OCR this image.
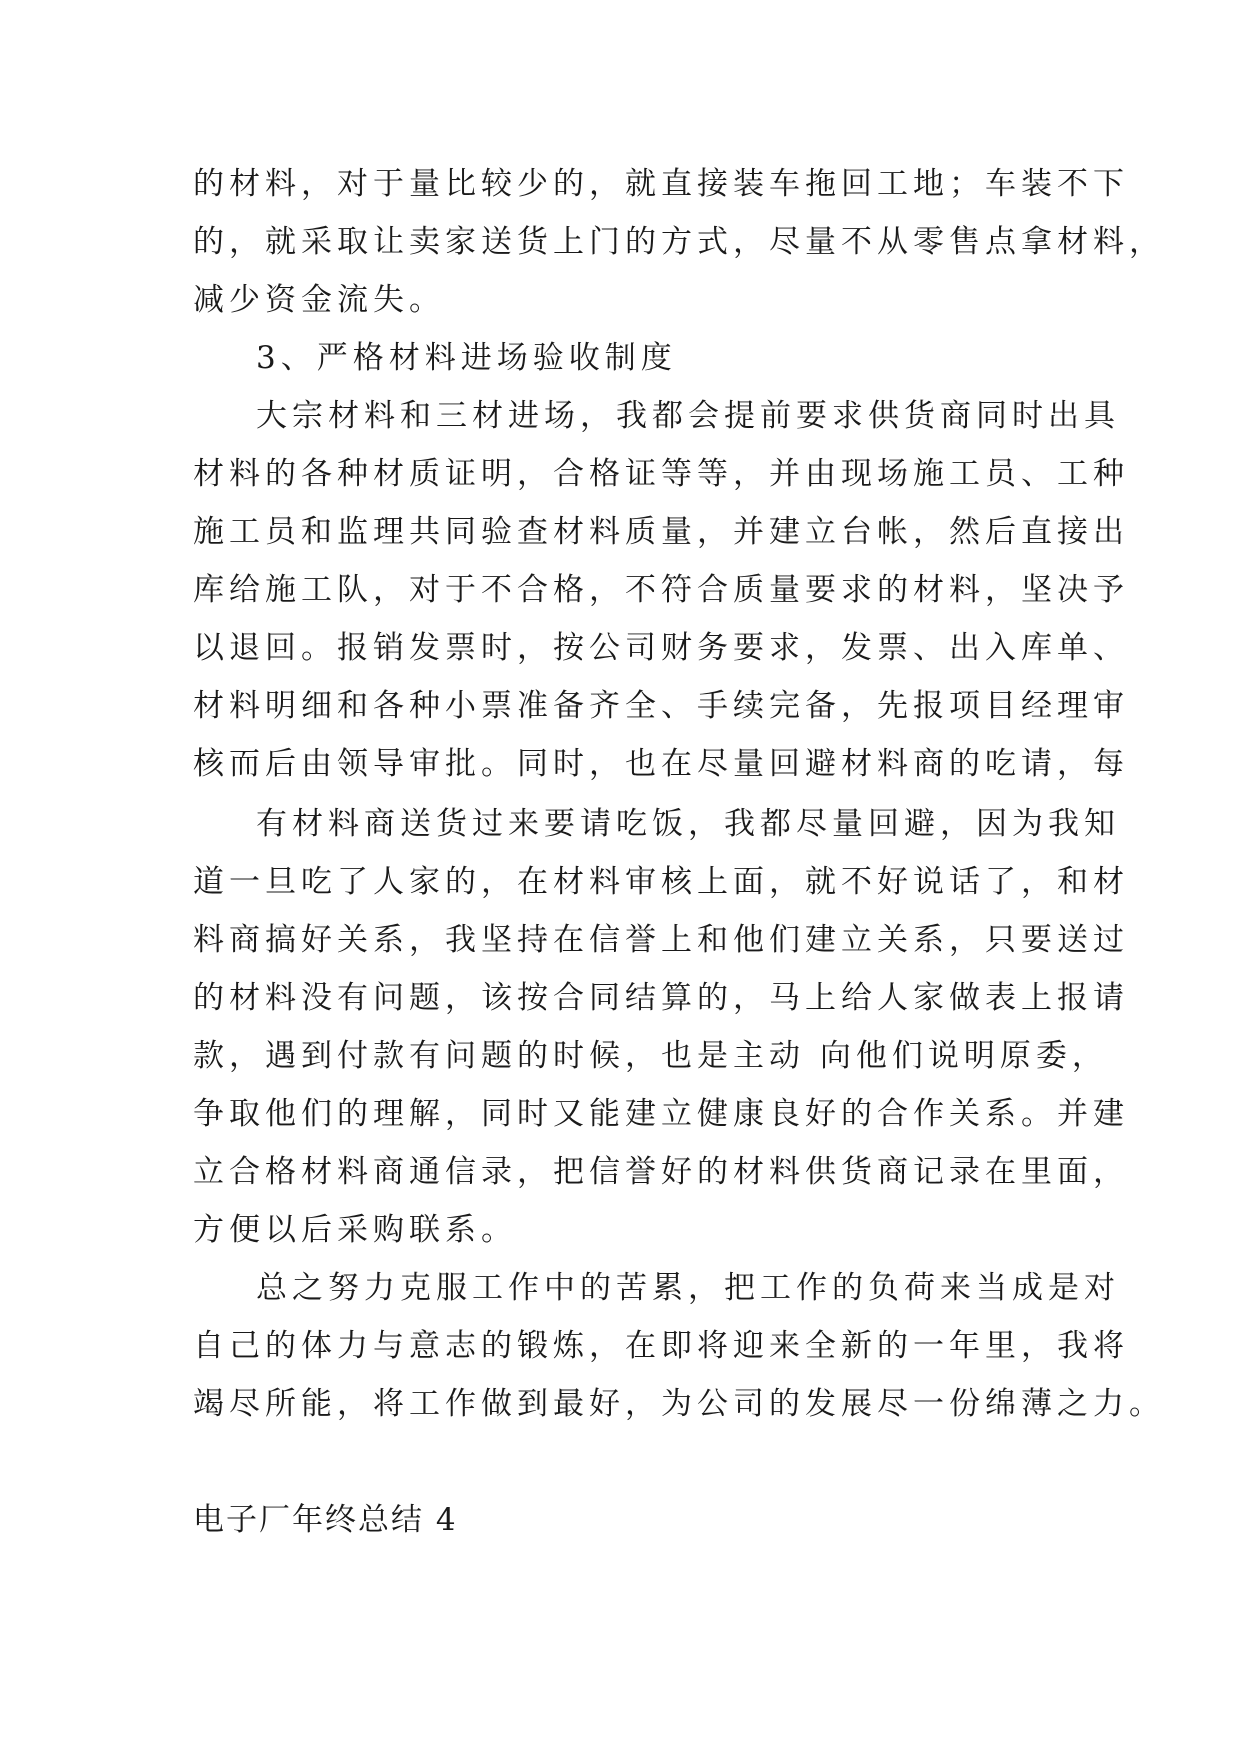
的材料，对于量比较少的，就直接装车拖回工地；车装不下
的，就采取让卖家送货上门的方式，尽量不从零售点拿材料，
减少资金流失。
3、严格材料进场验收制度
大宗材料和三材进场，我都会提前要求供货商同时出具
材料的各种材质证明，合格证等等，并由现场施工员、工种
施工员和监理共同验查材料质量，并建立台帐，然后直接出
库给施工队，对于不合格，不符合质量要求的材料，坚决予
以退回。报销发票时，按公司财务要求，发票、出入库单、
材料明细和各种小票准备齐全、手续完备，先报项目经理审
核而后由领导审批。同时，也在尽量回避材料商的吃请，每
有材料商送货过来要请吃饭，我都尽量回避，因为我知
道一旦吃了人家的，在材料审核上面，就不好说话了，和材
料商搞好关系，我坚持在信誉上和他们建立关系，只要送过
的材料没有问题，该按合同结算的，马上给人家做表上报请
款，遇到付款有问题的时候，也是主动 向他们说明原委，
争取他们的理解，同时又能建立健康良好的合作关系。并建
立合格材料商通信录，把信誉好的材料供货商记录在里面，
方便以后采购联系。
总之努力克服工作中的苦累，把工作的负荷来当成是对
自己的体力与意志的锻炼，在即将迎来全新的一年里，我将
竭尽所能，将工作做到最好，为公司的发展尽一份绵薄之力。
电子厂年终总结 4
